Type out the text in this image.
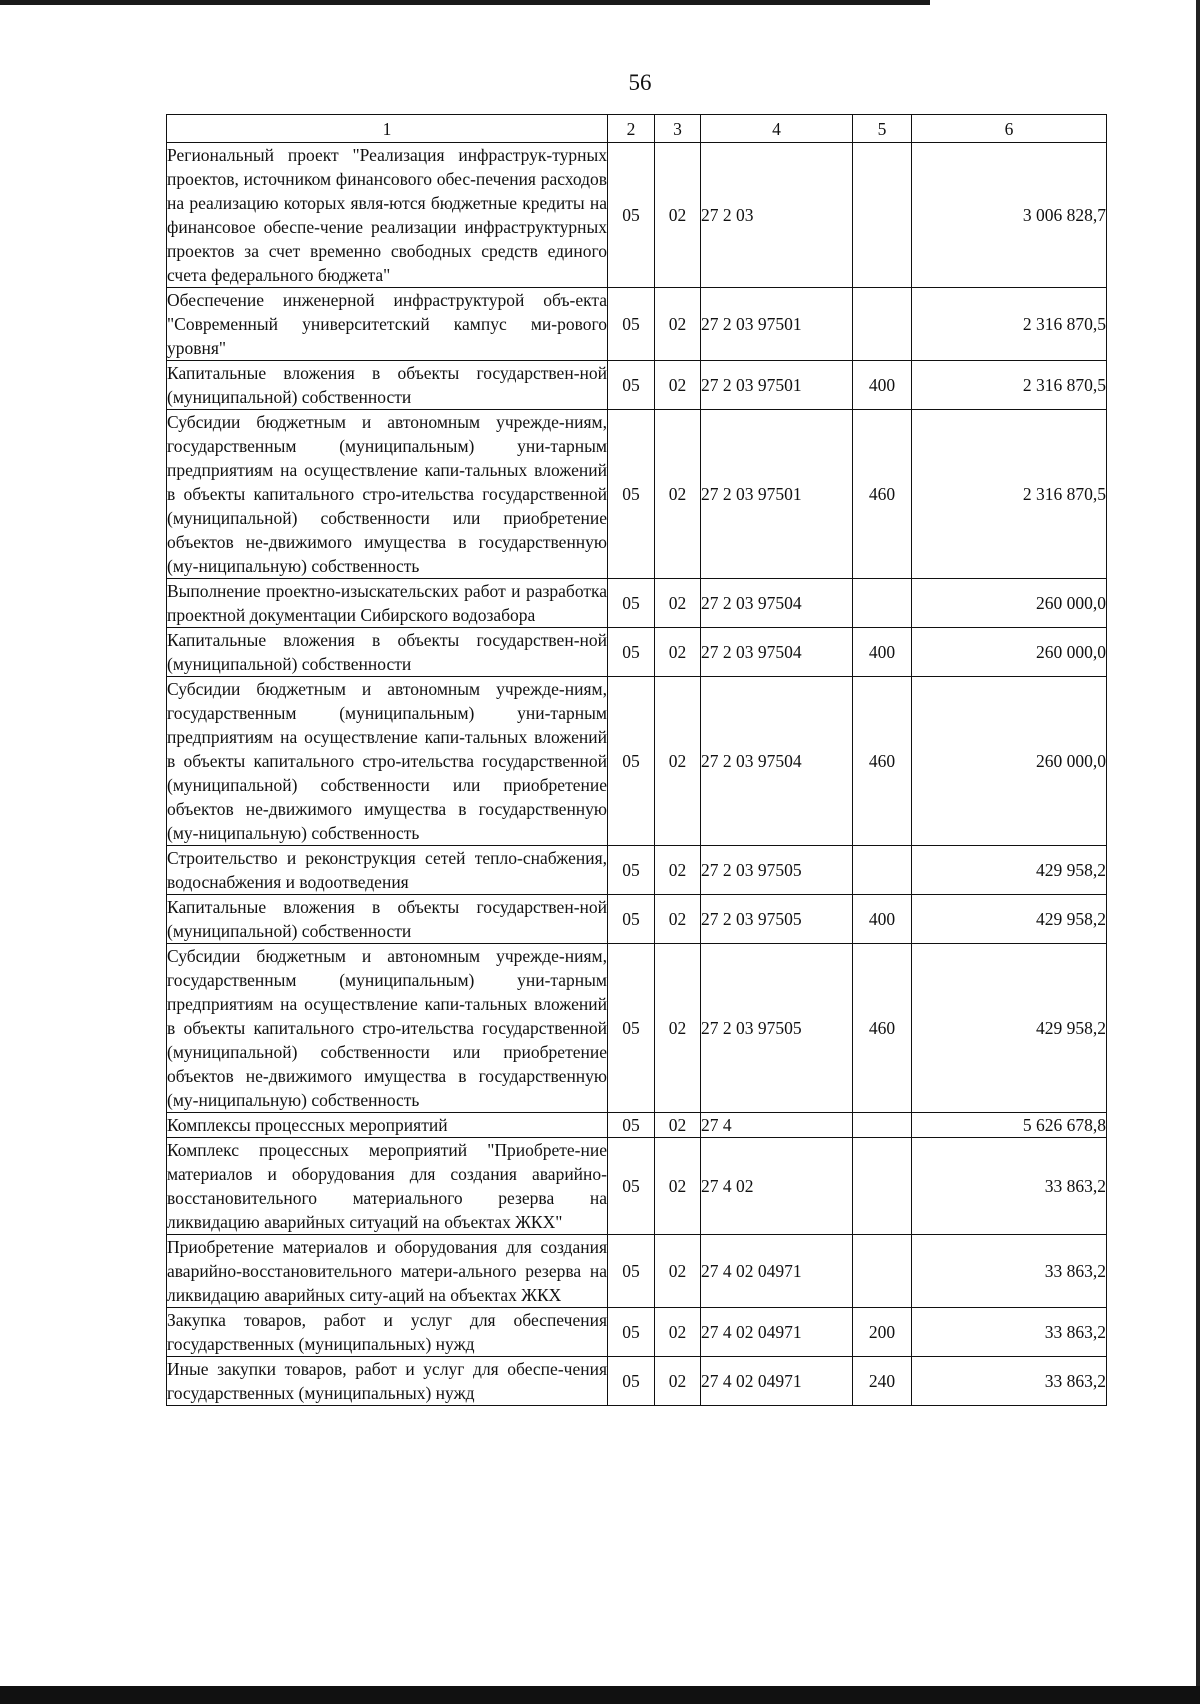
56
1	2	3	4	5	6
Региональный проект "Реализация инфраструк-турных проектов, источником финансового обес-печения расходов на реализацию которых явля-ются бюджетные кредиты на финансовое обеспе-чение реализации инфраструктурных проектов за счет временно свободных средств единого счета федерального бюджета"	05	02	27 2 03		3 006 828,7
Обеспечение инженерной инфраструктурой объ-екта "Современный университетский кампус ми-рового уровня"	05	02	27 2 03 97501		2 316 870,5
Капитальные вложения в объекты государствен-ной (муниципальной) собственности	05	02	27 2 03 97501	400	2 316 870,5
Субсидии бюджетным и автономным учрежде-ниям, государственным (муниципальным) уни-тарным предприятиям на осуществление капи-тальных вложений в объекты капитального стро-ительства государственной (муниципальной) собственности или приобретение объектов не-движимого имущества в государственную (му-ниципальную) собственность	05	02	27 2 03 97501	460	2 316 870,5
Выполнение проектно-изыскательских работ и разработка проектной документации Сибирского водозабора	05	02	27 2 03 97504		260 000,0
Капитальные вложения в объекты государствен-ной (муниципальной) собственности	05	02	27 2 03 97504	400	260 000,0
Субсидии бюджетным и автономным учрежде-ниям, государственным (муниципальным) уни-тарным предприятиям на осуществление капи-тальных вложений в объекты капитального стро-ительства государственной (муниципальной) собственности или приобретение объектов не-движимого имущества в государственную (му-ниципальную) собственность	05	02	27 2 03 97504	460	260 000,0
Строительство и реконструкция сетей тепло-снабжения, водоснабжения и водоотведения	05	02	27 2 03 97505		429 958,2
Капитальные вложения в объекты государствен-ной (муниципальной) собственности	05	02	27 2 03 97505	400	429 958,2
Субсидии бюджетным и автономным учрежде-ниям, государственным (муниципальным) уни-тарным предприятиям на осуществление капи-тальных вложений в объекты капитального стро-ительства государственной (муниципальной) собственности или приобретение объектов не-движимого имущества в государственную (му-ниципальную) собственность	05	02	27 2 03 97505	460	429 958,2
Комплексы процессных мероприятий	05	02	27 4		5 626 678,8
Комплекс процессных мероприятий "Приобрете-ние материалов и оборудования для создания аварийно-восстановительного материального резерва на ликвидацию аварийных ситуаций на объектах ЖКХ"	05	02	27 4 02		33 863,2
Приобретение материалов и оборудования для создания аварийно-восстановительного матери-ального резерва на ликвидацию аварийных ситу-аций на объектах ЖКХ	05	02	27 4 02 04971		33 863,2
Закупка товаров, работ и услуг для обеспечения государственных (муниципальных) нужд	05	02	27 4 02 04971	200	33 863,2
Иные закупки товаров, работ и услуг для обеспе-чения государственных (муниципальных) нужд	05	02	27 4 02 04971	240	33 863,2
